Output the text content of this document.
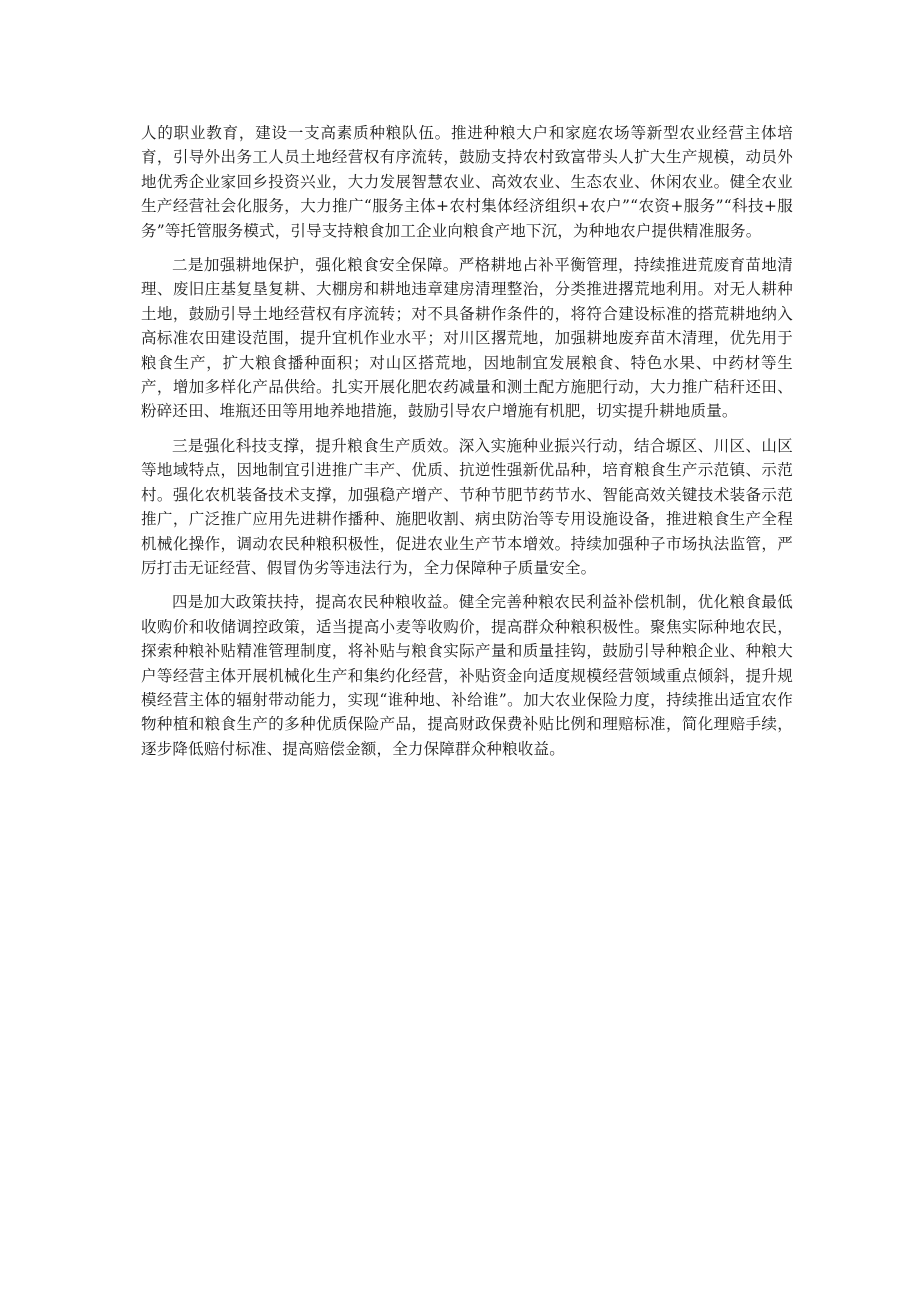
人的职业教育，建设一支高素质种粮队伍。推进种粮大户和家庭农场等新型农业经营主体培育，引导外出务工人员土地经营权有序流转，鼓励支持农村致富带头人扩大生产规模，动员外地优秀企业家回乡投资兴业，大力发展智慧农业、高效农业、生态农业、休闲农业。健全农业生产经营社会化服务，大力推广“服务主体+农村集体经济组织+农户”“农资+服务”“科技+服务”等托管服务模式，引导支持粮食加工企业向粮食产地下沉，为种地农户提供精准服务。

二是加强耕地保护，强化粮食安全保障。严格耕地占补平衡管理，持续推进荒废育苗地清理、废旧庄基复垦复耕、大棚房和耕地违章建房清理整治，分类推进撂荒地利用。对无人耕种土地，鼓励引导土地经营权有序流转；对不具备耕作条件的，将符合建设标准的搭荒耕地纳入高标准农田建设范围，提升宜机作业水平；对川区撂荒地，加强耕地废弃苗木清理，优先用于粮食生产，扩大粮食播种面积；对山区搭荒地，因地制宜发展粮食、特色水果、中药材等生产，增加多样化产品供给。扎实开展化肥农药减量和测土配方施肥行动，大力推广秸秆还田、粉碎还田、堆瓶还田等用地养地措施，鼓励引导农户增施有机肥，切实提升耕地质量。

三是强化科技支撑，提升粮食生产质效。深入实施种业振兴行动，结合塬区、川区、山区等地域特点，因地制宜引进推广丰产、优质、抗逆性强新优品种，培育粮食生产示范镇、示范村。强化农机装备技术支撑，加强稳产增产、节种节肥节药节水、智能高效关键技术装备示范推广，广泛推广应用先进耕作播种、施肥收割、病虫防治等专用设施设备，推进粮食生产全程机械化操作，调动农民种粮积极性，促进农业生产节本增效。持续加强种子市场执法监管，严厉打击无证经营、假冒伪劣等违法行为，全力保障种子质量安全。

四是加大政策扶持，提高农民种粮收益。健全完善种粮农民利益补偿机制，优化粮食最低收购价和收储调控政策，适当提高小麦等收购价，提高群众种粮积极性。聚焦实际种地农民，探索种粮补贴精准管理制度，将补贴与粮食实际产量和质量挂钩，鼓励引导种粮企业、种粮大户等经营主体开展机械化生产和集约化经营，补贴资金向适度规模经营领域重点倾斜，提升规模经营主体的辐射带动能力，实现“谁种地、补给谁”。加大农业保险力度，持续推出适宜农作物种植和粮食生产的多种优质保险产品，提高财政保费补贴比例和理赔标准，简化理赔手续，逐步降低赔付标准、提高赔偿金额，全力保障群众种粮收益。
